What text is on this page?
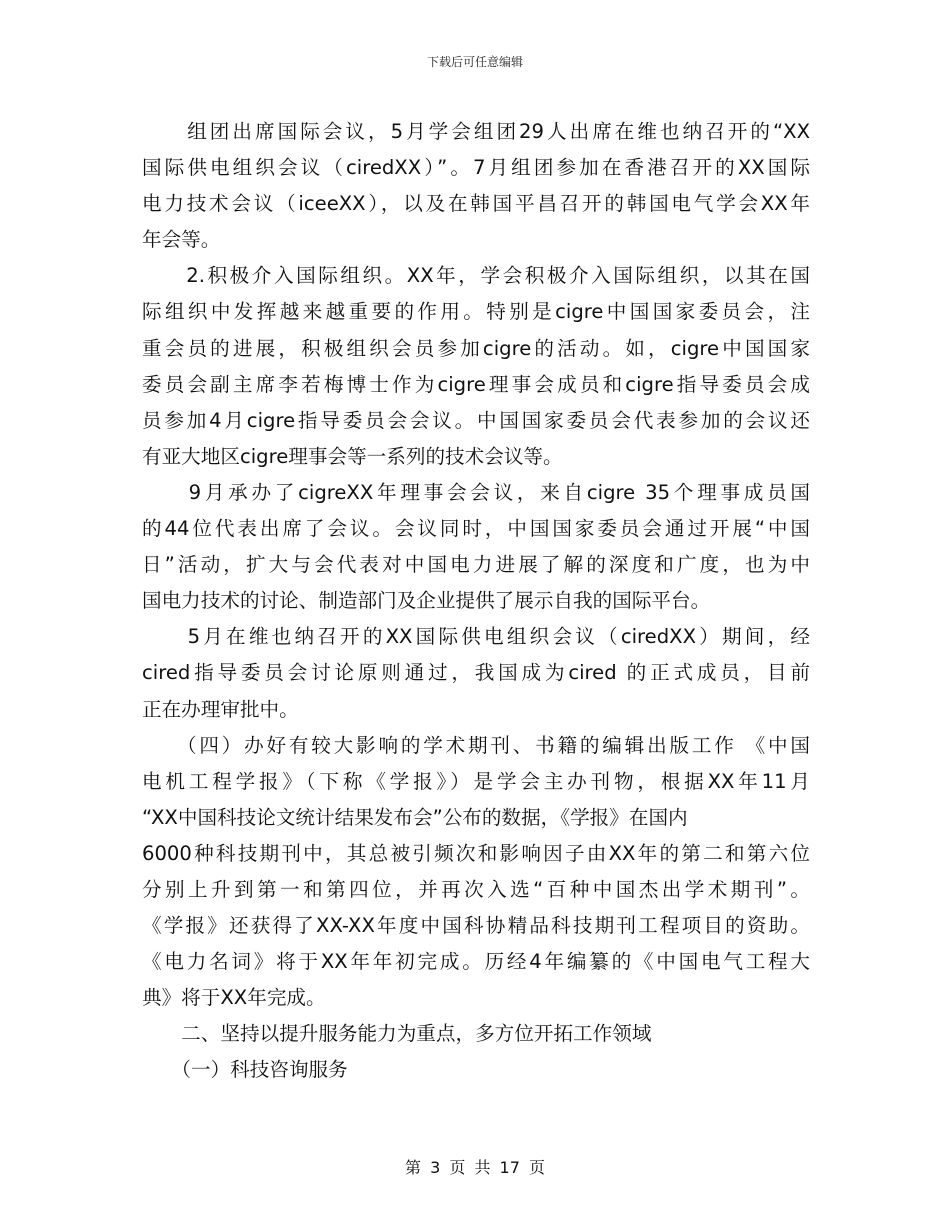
下载后可任意编辑
　　组团出席国际会议，5月学会组团29人出席在维也纳召开的“XX
国际供电组织会议（ciredXX）”。7月组团参加在香港召开的XX国际
电力技术会议（iceeXX），以及在韩国平昌召开的韩国电气学会XX年
年会等。
　　2.积极介入国际组织。XX年，学会积极介入国际组织，以其在国
际组织中发挥越来越重要的作用。特别是cigre中国国家委员会，注
重会员的进展，积极组织会员参加cigre的活动。如，cigre中国国家
委员会副主席李若梅博士作为cigre理事会成员和cigre指导委员会成
员参加4月cigre指导委员会会议。中国国家委员会代表参加的会议还
有亚大地区cigre理事会等一系列的技术会议等。
　　9月承办了cigreXX年理事会会议，来自cigre 35个理事成员国
的44位代表出席了会议。会议同时，中国国家委员会通过开展“中国
日”活动，扩大与会代表对中国电力进展了解的深度和广度，也为中
国电力技术的讨论、制造部门及企业提供了展示自我的国际平台。
　　5月在维也纳召开的XX国际供电组织会议（ciredXX）期间，经
cired指导委员会讨论原则通过，我国成为cired 的正式成员，目前
正在办理审批中。
　　（四）办好有较大影响的学术期刊、书籍的编辑出版工作 《中国
电机工程学报》（下称《学报》）是学会主办刊物，根据XX年11月
“XX中国科技论文统计结果发布会”公布的数据，《学报》在国内
6000种科技期刊中，其总被引频次和影响因子由XX年的第二和第六位
分别上升到第一和第四位，并再次入选“百种中国杰出学术期刊”。
《学报》还获得了XX-XX年度中国科协精品科技期刊工程项目的资助。
《电力名词》将于XX年年初完成。历经4年编纂的《中国电气工程大
典》将于XX年完成。
　　二、坚持以提升服务能力为重点，多方位开拓工作领域
　　（一）科技咨询服务
第 3 页 共 17 页
